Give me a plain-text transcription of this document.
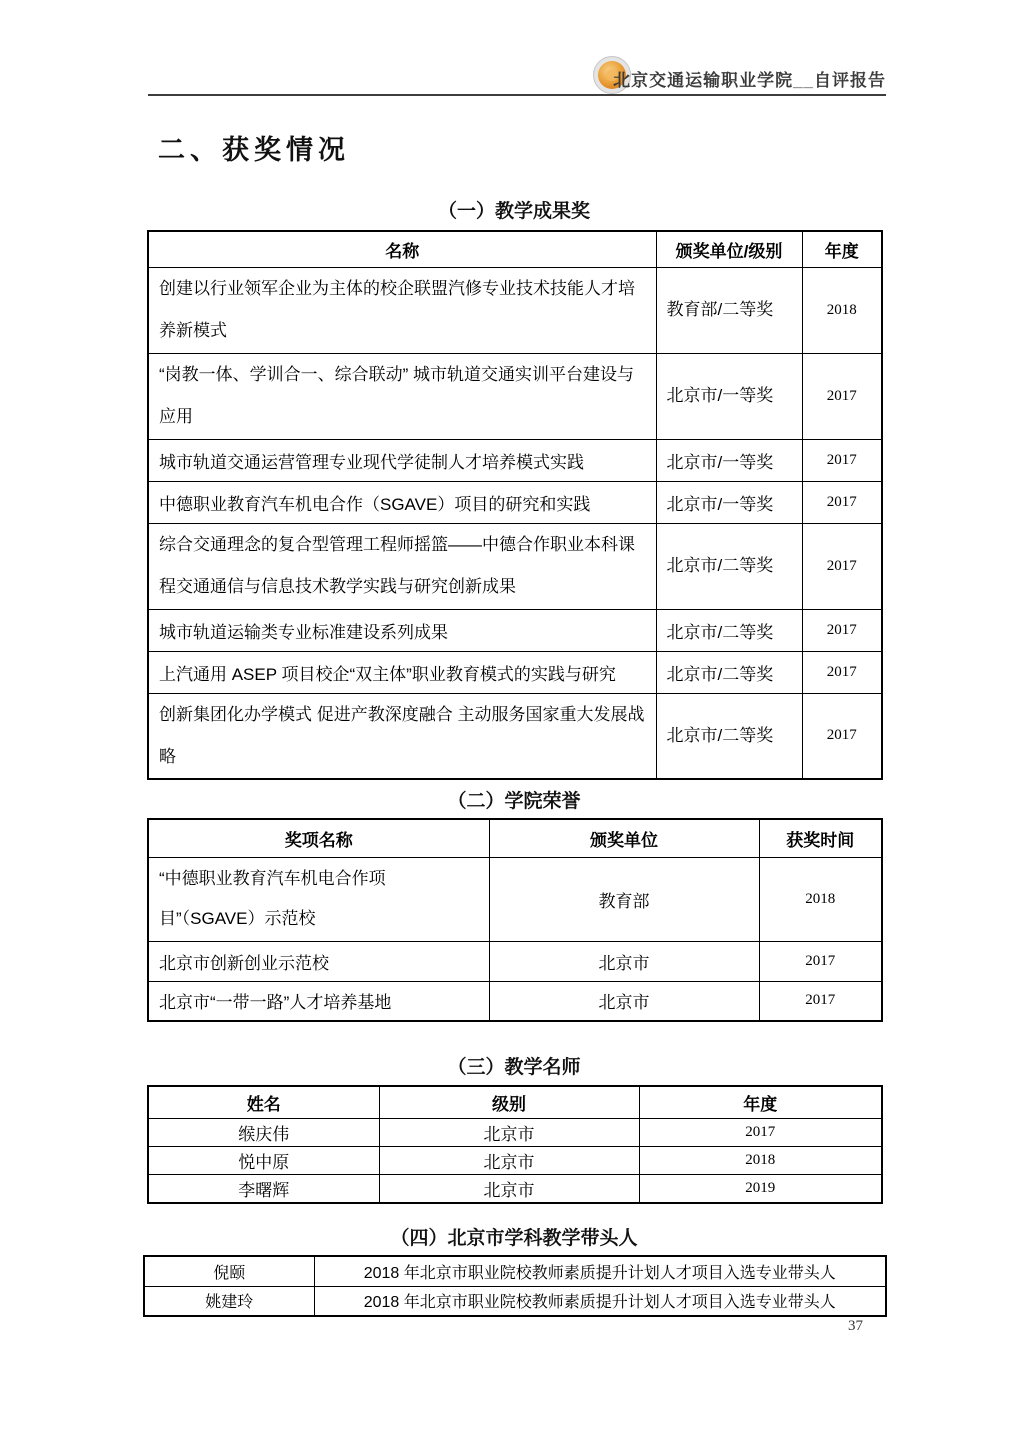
北京交通运输职业学院__自评报告
二、获奖情况
（一）教学成果奖
名称	颁奖单位/级别	年度
创建以行业领军企业为主体的校企联盟汽修专业技术技能人才培养新模式	教育部/二等奖	2018
“岗教一体、学训合一、综合联动” 城市轨道交通实训平台建设与应用	北京市/一等奖	2017
城市轨道交通运营管理专业现代学徒制人才培养模式实践	北京市/一等奖	2017
中德职业教育汽车机电合作（SGAVE）项目的研究和实践	北京市/一等奖	2017
综合交通理念的复合型管理工程师摇篮——中德合作职业本科课程交通通信与信息技术教学实践与研究创新成果	北京市/二等奖	2017
城市轨道运输类专业标准建设系列成果	北京市/二等奖	2017
上汽通用 ASEP 项目校企“双主体”职业教育模式的实践与研究	北京市/二等奖	2017
创新集团化办学模式 促进产教深度融合 主动服务国家重大发展战略	北京市/二等奖	2017
（二）学院荣誉
奖项名称	颁奖单位	获奖时间
“中德职业教育汽车机电合作项目”（SGAVE）示范校	教育部	2018
北京市创新创业示范校	北京市	2017
北京市“一带一路”人才培养基地	北京市	2017
（三）教学名师
姓名	级别	年度
缑庆伟	北京市	2017
悦中原	北京市	2018
李曙辉	北京市	2019
（四）北京市学科教学带头人
倪颐	2018 年北京市职业院校教师素质提升计划人才项目入选专业带头人
姚建玲	2018 年北京市职业院校教师素质提升计划人才项目入选专业带头人
37
